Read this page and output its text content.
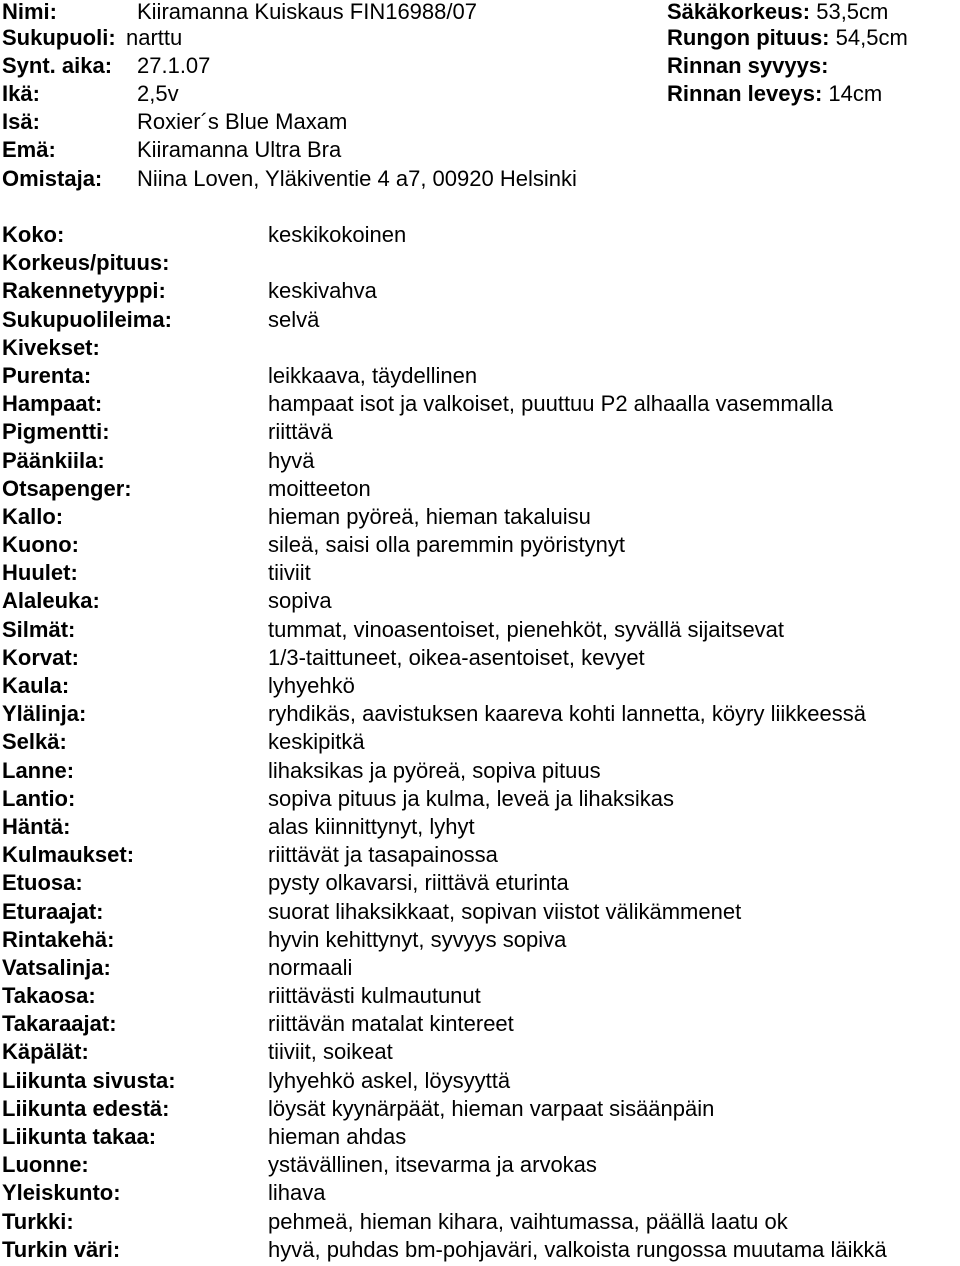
Nimi:	Kiiramanna Kuiskaus FIN16988/07
Sukupuoli: narttu
Synt. aika: 27.1.07
Ikä:	2,5v
Isä:	Roxier´s Blue Maxam
Emä:	Kiiramanna Ultra Bra
Omistaja: Niina Loven, Yläkiventie 4 a7, 00920 Helsinki
Säkäkorkeus: 53,5cm
Rungon pituus: 54,5cm
Rinnan syvyys:
Rinnan leveys: 14cm
Koko:	keskikokoinen
Korkeus/pituus:
Rakennetyyppi:	keskivahva
Sukupuolileima:	selvä
Kivekset:
Purenta:	leikkaava, täydellinen
Hampaat:	hampaat isot ja valkoiset, puuttuu P2 alhaalla vasemmalla
Pigmentti:	riittävä
Päänkiila:	hyvä
Otsapenger:	moitteeton
Kallo:	hieman pyöreä, hieman takaluisu
Kuono:	sileä, saisi olla paremmin pyöristynyt
Huulet:	tiiviit
Alaleuka:	sopiva
Silmät:	tummat, vinoasentoiset, pienehköt, syvällä sijaitsevat
Korvat:	1/3-taittuneet, oikea-asentoiset, kevyet
Kaula:	lyhyehkö
Ylälinja:	ryhdikäs, aavistuksen kaareva kohti lannetta, köyry liikkeessä
Selkä:	keskipitkä
Lanne:	lihaksikas ja pyöreä, sopiva pituus
Lantio:	sopiva pituus ja kulma, leveä ja lihaksikas
Häntä:	alas kiinnittynyt, lyhyt
Kulmaukset:	riittävät ja tasapainossa
Etuosa:	pysty olkavarsi, riittävä eturinta
Eturaajat:	suorat lihaksikkaat, sopivan viistot välikämmenet
Rintakehä:	hyvin kehittynyt, syvyys sopiva
Vatsalinja:	normaali
Takaosa:	riittävästi kulmautunut
Takaraajat:	riittävän matalat kintereet
Käpälät:	tiiviit, soikeat
Liikunta sivusta:	lyhyehkö askel, löysyyttä
Liikunta edestä:	löysät kyynärpäät, hieman varpaat sisäänpäin
Liikunta takaa:	hieman ahdas
Luonne:	ystävällinen, itsevarma ja arvokas
Yleiskunto:	lihava
Turkki:	pehmeä, hieman kihara, vaihtumassa, päällä laatu ok
Turkin väri:	hyvä, puhdas bm-pohjaväri, valkoista rungossa muutama läikkä
